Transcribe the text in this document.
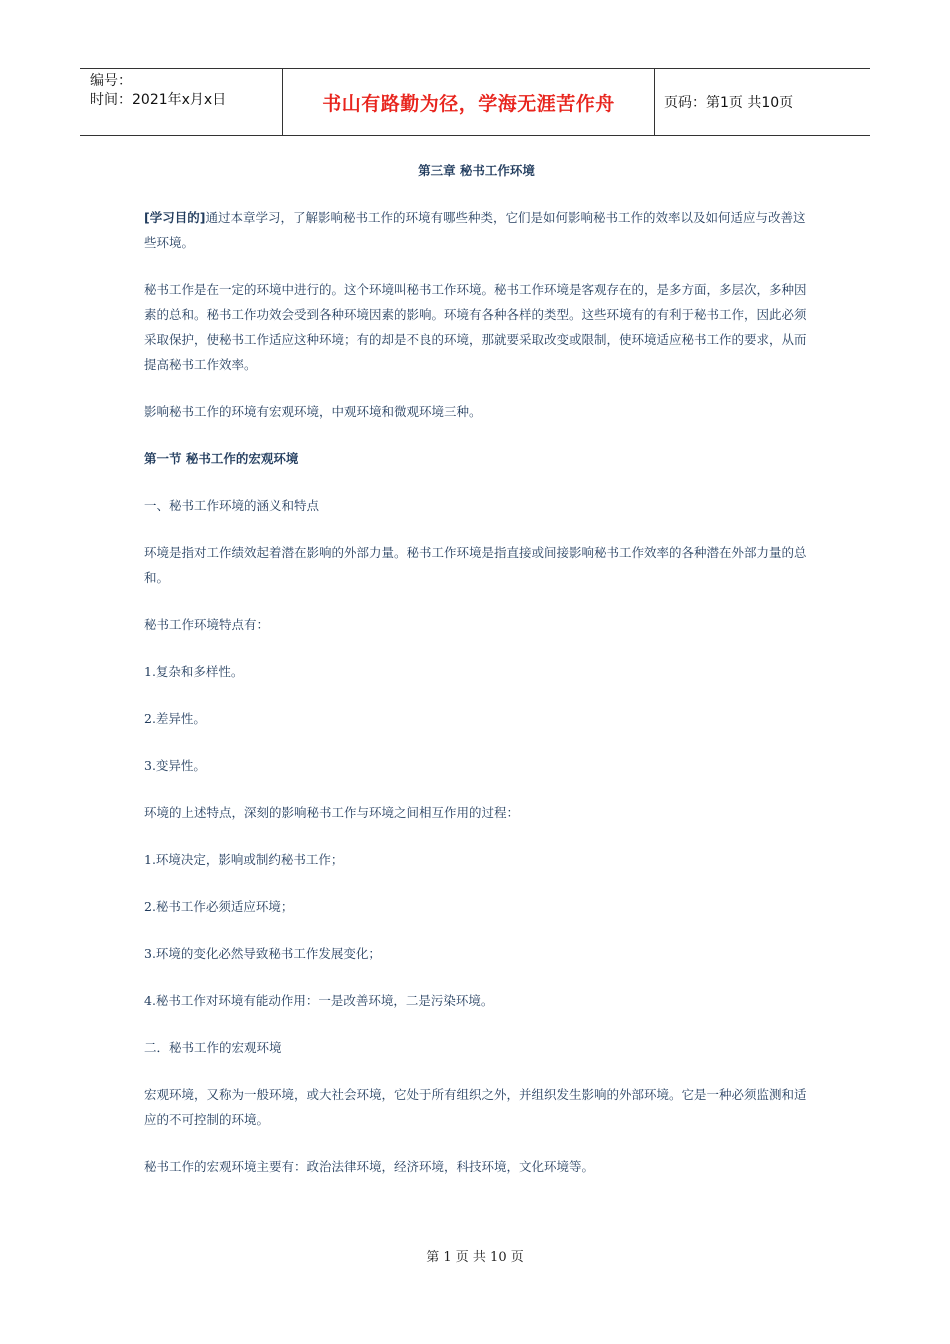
编号：
时间：2021年x月x日	书山有路勤为径，学海无涯苦作舟	页码：第1页 共10页
第三章 秘书工作环境
[学习目的]通过本章学习，了解影响秘书工作的环境有哪些种类，它们是如何影响秘书工作的效率以及如何适应与改善这些环境。
秘书工作是在一定的环境中进行的。这个环境叫秘书工作环境。秘书工作环境是客观存在的，是多方面，多层次，多种因素的总和。秘书工作功效会受到各种环境因素的影响。环境有各种各样的类型。这些环境有的有利于秘书工作，因此必须采取保护，使秘书工作适应这种环境；有的却是不良的环境，那就要采取改变或限制，使环境适应秘书工作的要求，从而提高秘书工作效率。
影响秘书工作的环境有宏观环境，中观环境和微观环境三种。
第一节 秘书工作的宏观环境
一、秘书工作环境的涵义和特点
环境是指对工作绩效起着潜在影响的外部力量。秘书工作环境是指直接或间接影响秘书工作效率的各种潜在外部力量的总和。
秘书工作环境特点有：
1.复杂和多样性。
2.差异性。
3.变异性。
环境的上述特点，深刻的影响秘书工作与环境之间相互作用的过程：
1.环境决定，影响或制约秘书工作；
2.秘书工作必须适应环境；
3.环境的变化必然导致秘书工作发展变化；
4.秘书工作对环境有能动作用：一是改善环境，二是污染环境。
二．秘书工作的宏观环境
宏观环境，又称为一般环境，或大社会环境，它处于所有组织之外，并组织发生影响的外部环境。它是一种必须监测和适应的不可控制的环境。
秘书工作的宏观环境主要有：政治法律环境，经济环境，科技环境，文化环境等。
第 1 页 共 10 页
